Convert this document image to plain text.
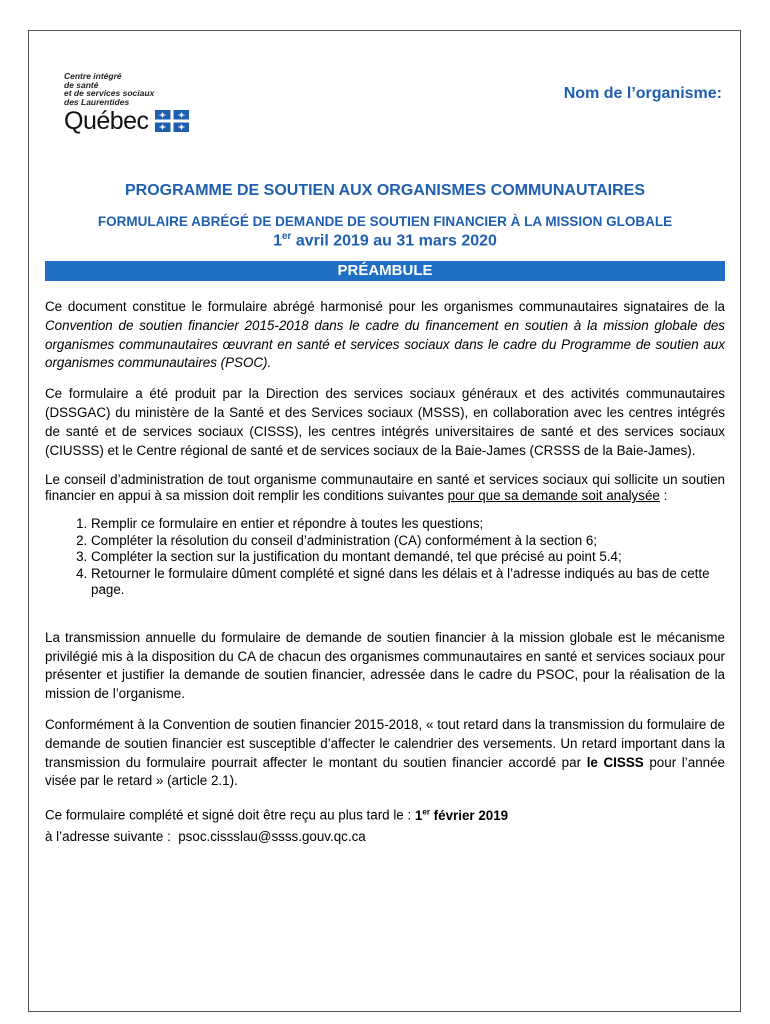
Centre intégré
de santé
et de services sociaux
des Laurentides
Québec
Nom de l’organisme:
PROGRAMME DE SOUTIEN AUX ORGANISMES COMMUNAUTAIRES
FORMULAIRE ABRÉGÉ DE DEMANDE DE SOUTIEN FINANCIER À LA MISSION GLOBALE
1er avril 2019 au 31 mars 2020
PRÉAMBULE

Ce document constitue le formulaire abrégé harmonisé pour les organismes communautaires signataires de la Convention de soutien financier 2015-2018 dans le cadre du financement en soutien à la mission globale des organismes communautaires œuvrant en santé et services sociaux dans le cadre du Programme de soutien aux organismes communautaires (PSOC).

Ce formulaire a été produit par la Direction des services sociaux généraux et des activités communautaires (DSSGAC) du ministère de la Santé et des Services sociaux (MSSS), en collaboration avec les centres intégrés de santé et de services sociaux (CISSS), les centres intégrés universitaires de santé et des services sociaux (CIUSSS) et le Centre régional de santé et de services sociaux de la Baie-James (CRSSS de la Baie-James).

Le conseil d’administration de tout organisme communautaire en santé et services sociaux qui sollicite un soutien financier en appui à sa mission doit remplir les conditions suivantes pour que sa demande soit analysée :

1. Remplir ce formulaire en entier et répondre à toutes les questions;
2. Compléter la résolution du conseil d’administration (CA) conformément à la section 6;
3. Compléter la section sur la justification du montant demandé, tel que précisé au point 5.4;
4. Retourner le formulaire dûment complété et signé dans les délais et à l’adresse indiqués au bas de cette page.

La transmission annuelle du formulaire de demande de soutien financier à la mission globale est le mécanisme privilégié mis à la disposition du CA de chacun des organismes communautaires en santé et services sociaux pour présenter et justifier la demande de soutien financier, adressée dans le cadre du PSOC, pour la réalisation de la mission de l’organisme.

Conformément à la Convention de soutien financier 2015-2018, « tout retard dans la transmission du formulaire de demande de soutien financier est susceptible d’affecter le calendrier des versements. Un retard important dans la transmission du formulaire pourrait affecter le montant du soutien financier accordé par le CISSS pour l’année visée par le retard » (article 2.1).

Ce formulaire complété et signé doit être reçu au plus tard le : 1er février 2019
à l’adresse suivante :  psoc.cissslau@ssss.gouv.qc.ca
